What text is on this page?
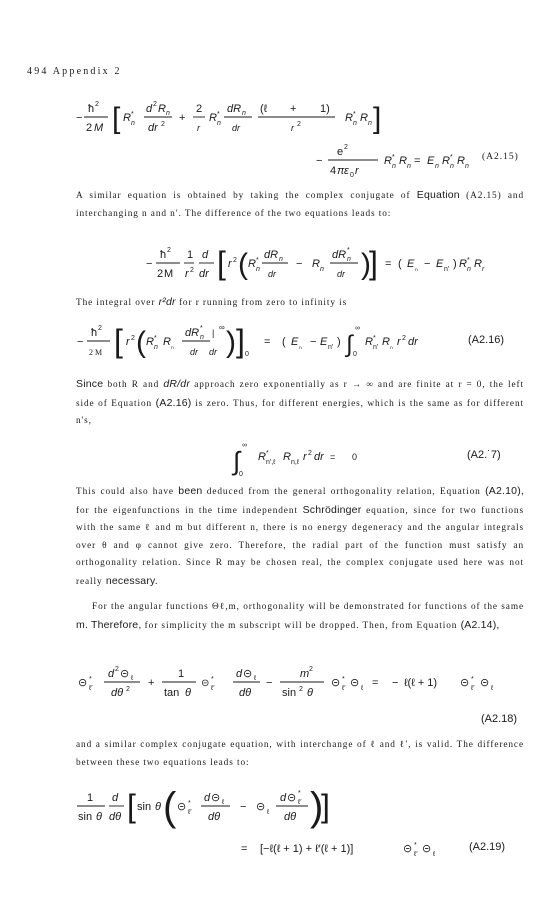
494 Appendix 2
−
ħ 2
2 M [ R n
* d 2 R n
dr 2
+
2
r
R n
* dR n
dr
(ℓ + 1)
r 2
R n
* R n ]
−
e 2
4 π ε 0 r
R n
* R n = E n R n
* R n
(A2.15)
A similar equation is obtained by taking the complex conjugate of Equation (A2.15) and interchanging n and n′. The difference of the two equations leads to:
−
ħ 2
2 M
1
r 2
d
dr [ r 2 ( R n
* dR n
dr
− R n
dR n
*
dr )
] = ( E ₙ − E n′ ) R n
* R r
The integral over r²dr for r running from zero to infinity is
−
ħ 2
2 M [ r 2 ( R n
* R ₙ
dR n
*
dr
|
∞ )
dr ] 0
= ( E ₙ − E n′ ) ∫
∞
0
R n′
* R ₙ r 2 dr	(A2.16)
Since both R and dR/dr approach zero exponentially as r → ∞ and are finite at r = 0, the left side of Equation (A2.16) is zero. Thus, for different energies, which is the same as for different n's,
∫
∞
0
R n′,ℓ
* R n,ℓ r 2 dr = 0	(A2.˙7)
This could also have been deduced from the general orthogonality relation, Equation (A2.10), for the eigenfunctions in the time independent Schrödinger equation, since for two functions with the same ℓ and m but different n, there is no energy degeneracy and the angular integrals over θ and φ cannot give zero. Therefore, the radial part of the function must satisfy an orthogonality relation. Since R may be chosen real, the complex conjugate used here was not really necessary.
For the angular functions Θℓ,m, orthogonality will be demonstrated for functions of the same m. Therefore, for simplicity the m subscript will be dropped. Then, from Equation (A2.14),
⊝ ℓ′
* d 2 ⊝ ℓ
dθ 2
+
1
tan θ
⊝ ℓ′
* d ⊝ ℓ
dθ
−
m 2
sin 2 θ
⊝ ℓ′
* ⊝ ℓ = − ℓ(ℓ + 1) ⊝ ℓ′
* ⊝ ℓ
(A2.18)
and a similar complex conjugate equation, with interchange of ℓ and ℓ′, is valid. The difference between these two equations leads to:
1
sin θ
d
dθ [ sin θ ( ⊝ ℓ′
* d ⊝ ℓ
dθ
− ⊝ ℓ
d ⊝ ℓ′
*
dθ )
]
= [−ℓ(ℓ + 1) + ℓ′(ℓ + 1)]	⊝ ℓ′
* ⊝ ℓ
(A2.19)
